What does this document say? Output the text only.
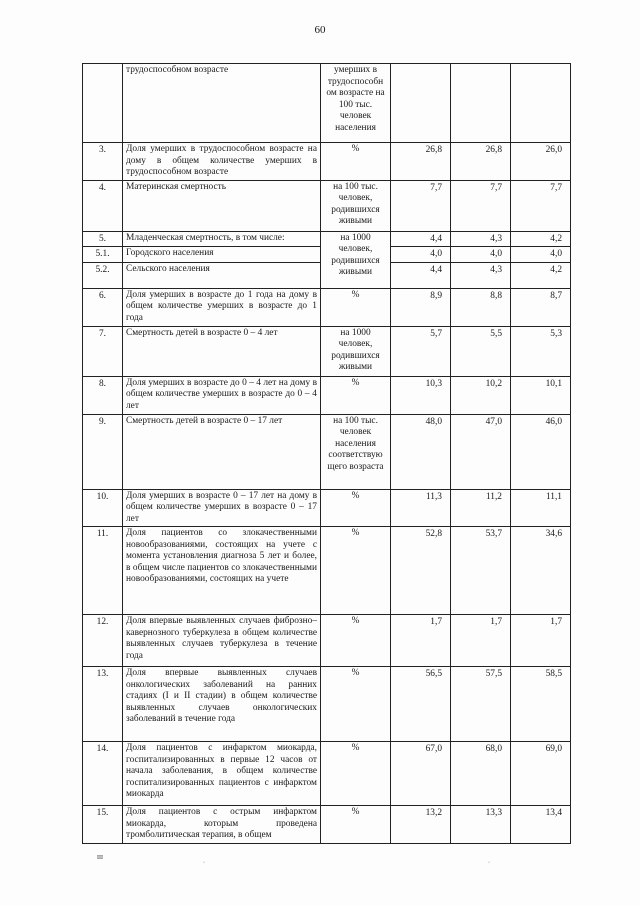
60
	трудоспособном возрасте	умерших в трудоспособн ом возрасте на 100 тыс. человек населения			
3.	Доля умерших в трудоспособном возрасте на дому в общем количестве умерших в трудоспособном возрасте	%	26,8	26,8	26,0
4.	Материнская смертность	на 100 тыс. человек, родившихся живыми	7,7	7,7	7,7
5.	Младенческая смертность, в том числе:	на 1000 человек, родившихся живыми	4,4	4,3	4,2
5.1.	Городского населения		4,0	4,0	4,0
5.2.	Сельского населения		4,4	4,3	4,2
6.	Доля умерших в возрасте до 1 года на дому в общем количестве умерших в возрасте до 1 года	%	8,9	8,8	8,7
7.	Смертность детей в возрасте 0 – 4 лет	на 1000 человек, родившихся живыми	5,7	5,5	5,3
8.	Доля умерших в возрасте до 0 – 4 лет на дому в общем количестве умерших в возрасте до 0 – 4 лет	%	10,3	10,2	10,1
9.	Смертность детей в возрасте 0 – 17 лет	на 100 тыс. человек населения соответствую щего возраста	48,0	47,0	46,0
10.	Доля умерших в возрасте 0 – 17 лет на дому в общем количестве умерших в возрасте 0 – 17 лет	%	11,3	11,2	11,1
11.	Доля пациентов со злокачественными новообразованиями, состоящих на учете с момента установления диагноза 5 лет и более, в общем числе пациентов со злокачественными новообразованиями, состоящих на учете	%	52,8	53,7	34,6
12.	Доля впервые выявленных случаев фиброзно–кавернозного туберкулеза в общем количестве выявленных случаев туберкулеза в течение года	%	1,7	1,7	1,7
13.	Доля впервые выявленных случаев онкологических заболеваний на ранних стадиях (I и II стадии) в общем количестве выявленных случаев онкологических заболеваний в течение года	%	56,5	57,5	58,5
14.	Доля пациентов с инфарктом миокарда, госпитализированных в первые 12 часов от начала заболевания, в общем количестве госпитализированных пациентов с инфарктом миокарда	%	67,0	68,0	69,0
15.	Доля пациентов с острым инфарктом миокарда, которым проведена тромболитическая терапия, в общем	%	13,2	13,3	13,4
ІІІ
·	·
